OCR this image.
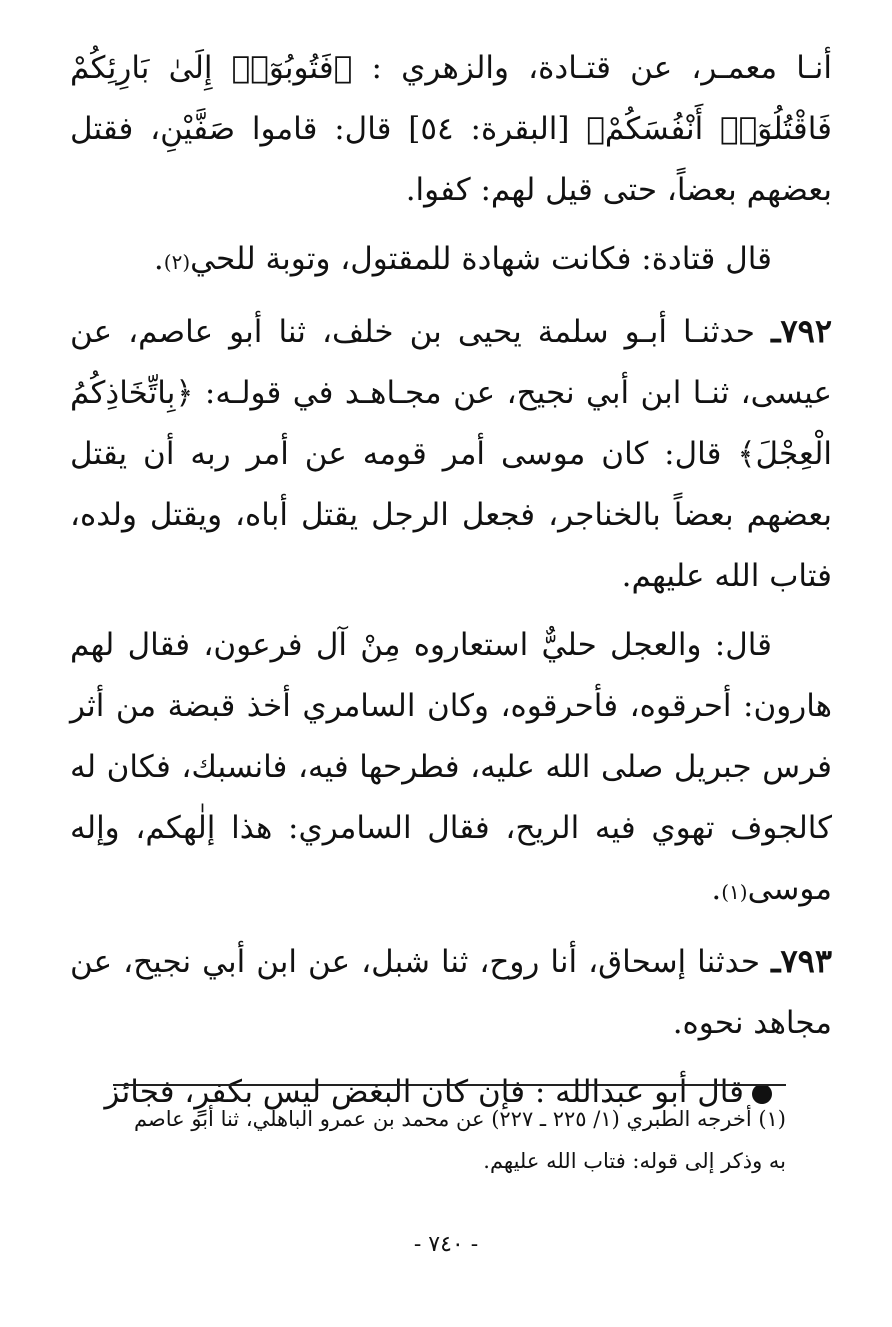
أنـا معمـر، عن قتـادة، والزهري : ﴿فَتُوبُوٓا۟ إِلَىٰ بَارِئِكُمْ فَاقْتُلُوٓا۟ أَنْفُسَكُمْ﴾ [البقرة: ٥٤] قال: قاموا صَفَّيْنِ، فقتل بعضهم بعضاً، حتى قيل لهم: كفوا.

قال قتادة: فكانت شهادة للمقتول، وتوبة للحي(٢).

٧٩٢ـ حدثنـا أبـو سلمة يحيى بن خلف، ثنا أبو عاصم، عن عيسى، ثنـا ابن أبي نجيح، عن مجـاهـد في قولـه: ﴿بِاتِّخَاذِكُمُ الْعِجْلَ﴾ قال: كان موسى أمر قومه عن أمر ربه أن يقتل بعضهم بعضاً بالخناجر، فجعل الرجل يقتل أباه، ويقتل ولده، فتاب الله عليهم.

قال: والعجل حليٌّ استعاروه مِنْ آل فرعون، فقال لهم هارون: أحرقوه، فأحرقوه، وكان السامري أخذ قبضة من أثر فرس جبريل صلى الله عليه، فطرحها فيه، فانسبك، فكان له كالجوف تهوي فيه الريح، فقال السامري: هذا إلٰهكم، وإله موسى(١).

٧٩٣ـ حدثنا إسحاق، أنا روح، ثنا شبل، عن ابن أبي نجيح، عن مجاهد نحوه.

قال أبو عبدالله : فإن كان البغض ليس بكفرٍ، فجائز

(١) أخرجه الطبري (١/ ٢٢٥ ـ ٢٢٧) عن محمد بن عمرو الباهلي، ثنا أبو عاصم
به وذكر إلى قوله: فتاب الله عليهم.
- ٧٤٠ -
